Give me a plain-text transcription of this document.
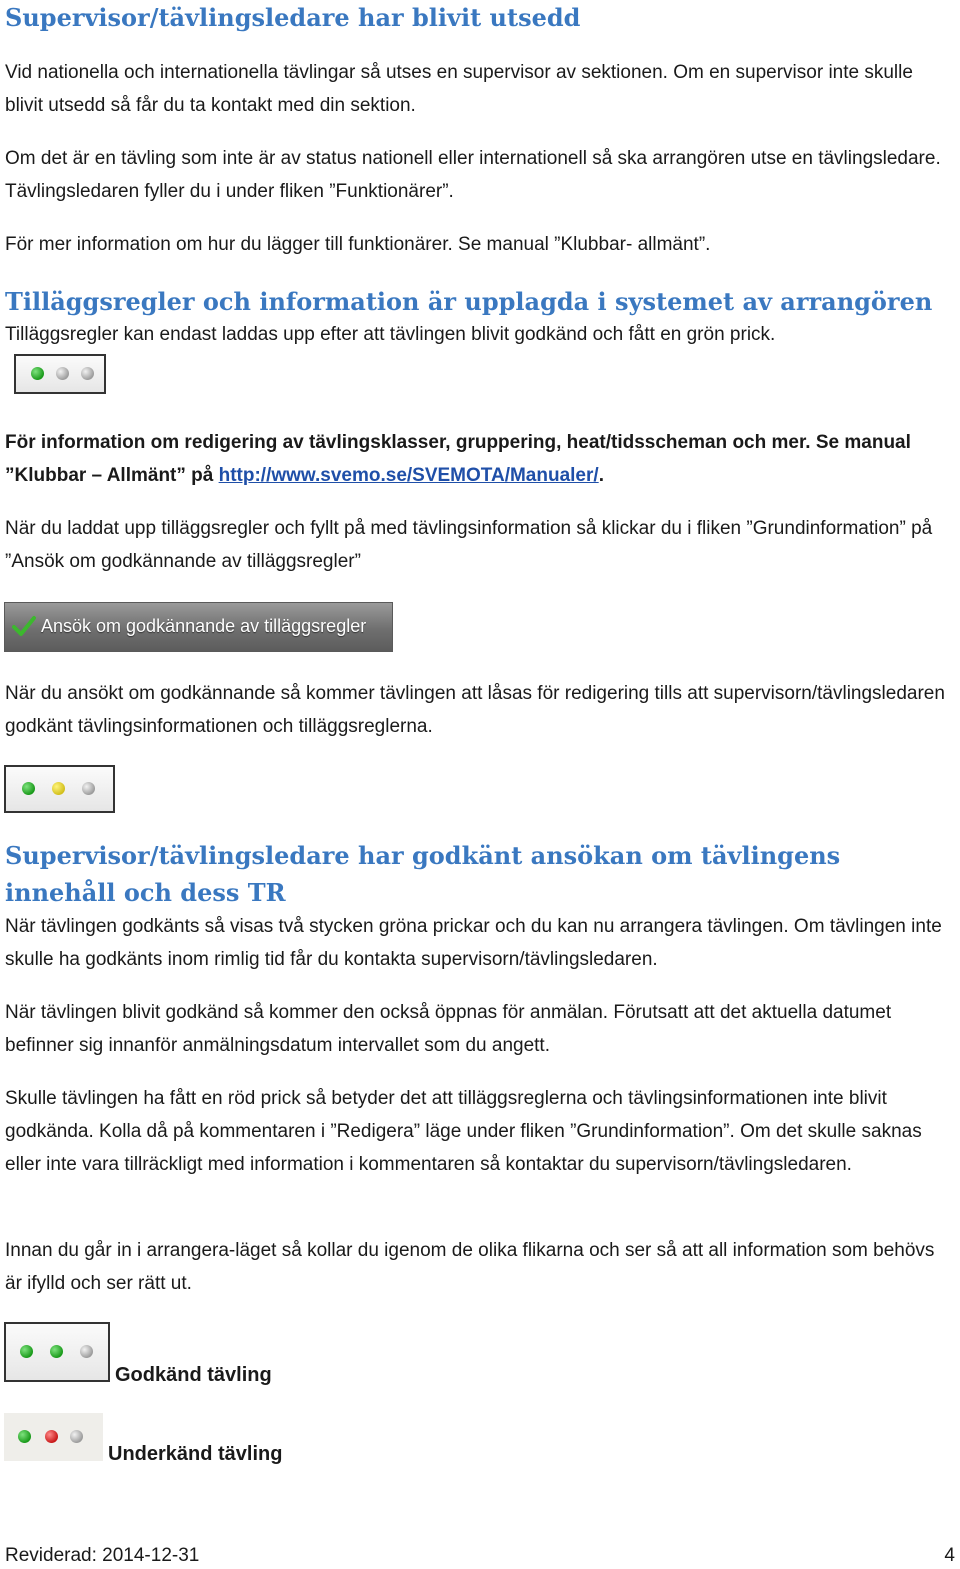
Supervisor/tävlingsledare har blivit utsedd

Vid nationella och internationella tävlingar så utses en supervisor av sektionen. Om en supervisor inte skulle blivit utsedd så får du ta kontakt med din sektion.

Om det är en tävling som inte är av status nationell eller internationell så ska arrangören utse en tävlingsledare. Tävlingsledaren fyller du i under fliken ”Funktionärer”.

För mer information om hur du lägger till funktionärer. Se manual ”Klubbar- allmänt”.

Tilläggsregler och information är upplagda i systemet av arrangören

Tilläggsregler kan endast laddas upp efter att tävlingen blivit godkänd och fått en grön prick.

För information om redigering av tävlingsklasser, gruppering, heat/tidsscheman och mer. Se manual ”Klubbar – Allmänt” på http://www.svemo.se/SVEMOTA/Manualer/.

När du laddat upp tilläggsregler och fyllt på med tävlingsinformation så klickar du i fliken ”Grundinformation” på ”Ansök om godkännande av tilläggsregler”

Ansök om godkännande av tilläggsregler

När du ansökt om godkännande så kommer tävlingen att låsas för redigering tills att supervisorn/tävlingsledaren godkänt tävlingsinformationen och tilläggsreglerna.

Supervisor/tävlingsledare har godkänt ansökan om tävlingens innehåll och dess TR

När tävlingen godkänts så visas två stycken gröna prickar och du kan nu arrangera tävlingen. Om tävlingen inte skulle ha godkänts inom rimlig tid får du kontakta supervisorn/tävlingsledaren.

När tävlingen blivit godkänd så kommer den också öppnas för anmälan. Förutsatt att det aktuella datumet befinner sig innanför anmälningsdatum intervallet som du angett.

Skulle tävlingen ha fått en röd prick så betyder det att tilläggsreglerna och tävlingsinformationen inte blivit godkända. Kolla då på kommentaren i ”Redigera” läge under fliken ”Grundinformation”. Om det skulle saknas eller inte vara tillräckligt med information i kommentaren så kontaktar du supervisorn/tävlingsledaren.

Innan du går in i arrangera-läget så kollar du igenom de olika flikarna och ser så att all information som behövs är ifylld och ser rätt ut.

Godkänd tävling
Underkänd tävling
Reviderad: 2014-12-31	4
